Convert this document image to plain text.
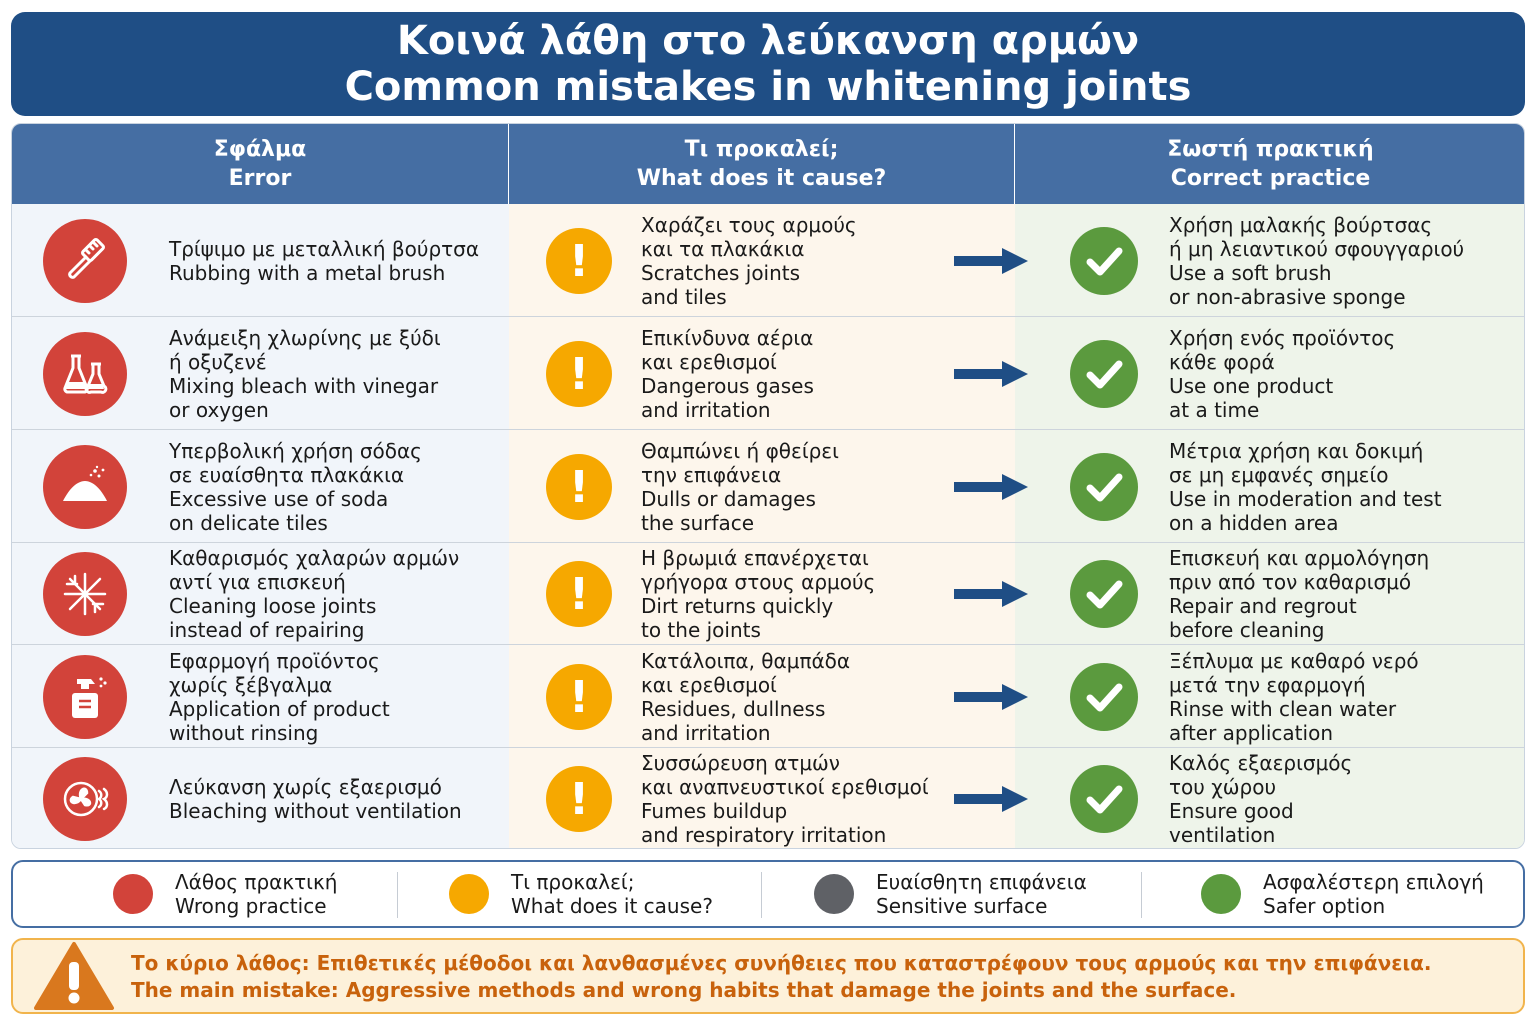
Κοινά λάθη στο λεύκανση αρμών
Common mistakes in whitening joints
Σφάλμα
Error
Τι προκαλεί;
What does it cause?
Σωστή πρακτική
Correct practice
Τρίψιμο με μεταλλική βούρτσα
Rubbing with a metal brush	!
Χαράζει τους αρμούς
και τα πλακάκια
Scratches joints
and tiles
Χρήση μαλακής βούρτσας
ή μη λειαντικού σφουγγαριού
Use a soft brush
or non-abrasive sponge
Ανάμειξη χλωρίνης με ξύδι
ή οξυζενέ
Mixing bleach with vinegar
or oxygen
!
Επικίνδυνα αέρια
και ερεθισμοί
Dangerous gases
and irritation
Χρήση ενός προϊόντος
κάθε φορά
Use one product
at a time
Υπερβολική χρήση σόδας
σε ευαίσθητα πλακάκια
Excessive use of soda
on delicate tiles
!
Θαμπώνει ή φθείρει
την επιφάνεια
Dulls or damages
the surface
Μέτρια χρήση και δοκιμή
σε μη εμφανές σημείο
Use in moderation and test
on a hidden area
Καθαρισμός χαλαρών αρμών
αντί για επισκευή
Cleaning loose joints
instead of repairing
!
Η βρωμιά επανέρχεται
γρήγορα στους αρμούς
Dirt returns quickly
to the joints
Επισκευή και αρμολόγηση
πριν από τον καθαρισμό
Repair and regrout
before cleaning
Εφαρμογή προϊόντος
χωρίς ξέβγαλμα
Application of product
without rinsing
!
Κατάλοιπα, θαμπάδα
και ερεθισμοί
Residues, dullness
and irritation
Ξέπλυμα με καθαρό νερό
μετά την εφαρμογή
Rinse with clean water
after application
Λεύκανση χωρίς εξαερισμό
Bleaching without ventilation	!
Συσσώρευση ατμών
και αναπνευστικοί ερεθισμοί
Fumes buildup
and respiratory irritation
Καλός εξαερισμός
του χώρου
Ensure good
ventilation
Λάθος πρακτική
Wrong practice
Τι προκαλεί;
What does it cause?
Ευαίσθητη επιφάνεια
Sensitive surface
Ασφαλέστερη επιλογή
Safer option
Το κύριο λάθος: Επιθετικές μέθοδοι και λανθασμένες συνήθειες που καταστρέφουν τους αρμούς και την επιφάνεια.
The main mistake: Aggressive methods and wrong habits that damage the joints and the surface.
